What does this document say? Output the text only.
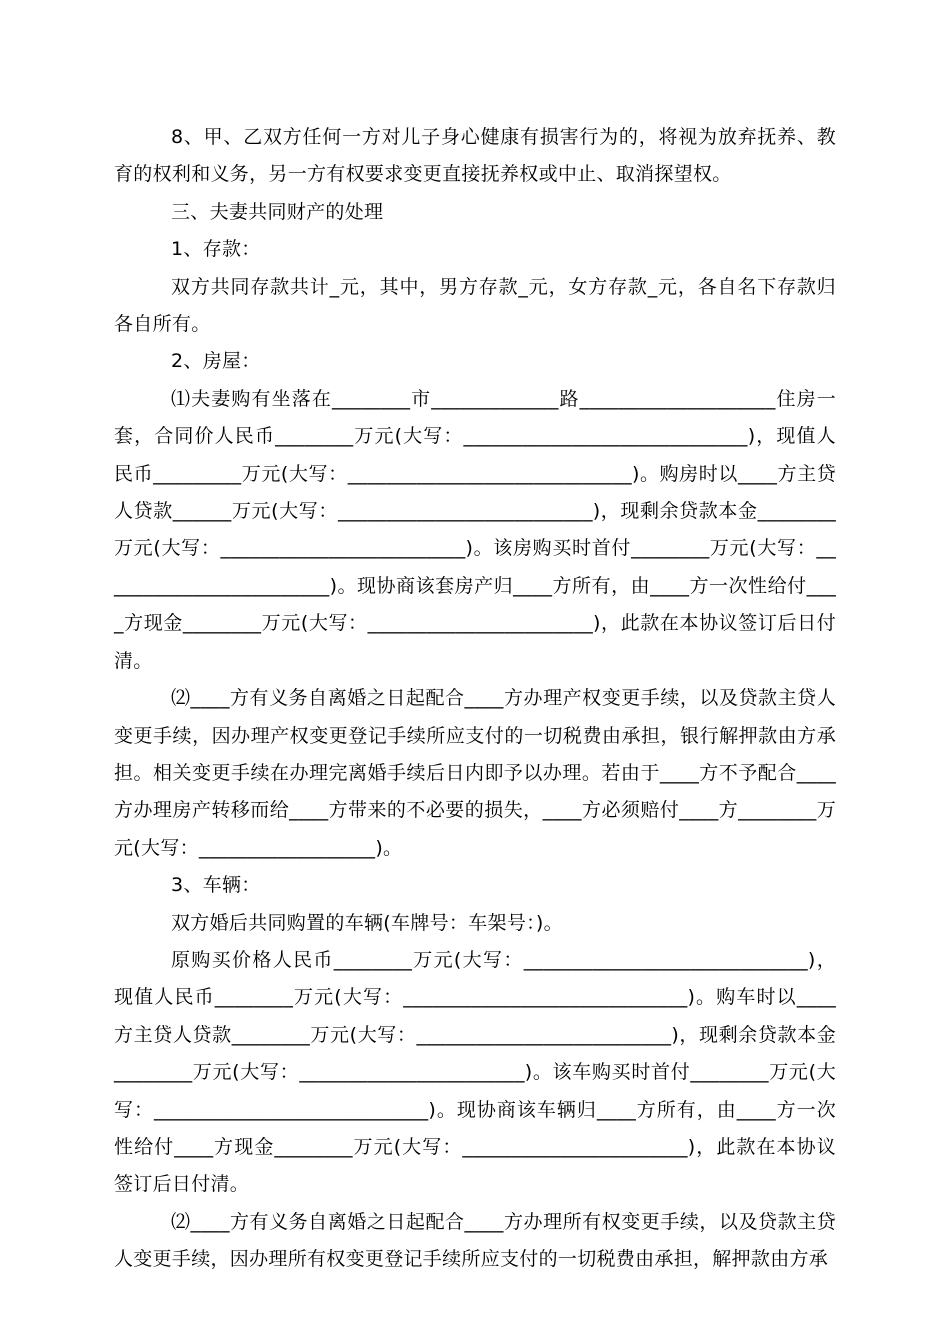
8、甲、乙双方任何一方对儿子身心健康有损害行为的，将视为放弃抚养、教育的权利和义务，另一方有权要求变更直接抚养权或中止、取消探望权。

三、夫妻共同财产的处理

1、存款：

双方共同存款共计_元，其中，男方存款_元，女方存款_元，各自名下存款归各自所有。

2、房屋：

⑴夫妻购有坐落在________市_____________路____________________住房一套，合同价人民币________万元(大写：_____________________________)，现值人民币_________万元(大写：_____________________________)。购房时以____方主贷人贷款______万元(大写：__________________________)，现剩余贷款本金________万元(大写：_________________________)。该房购买时首付________万元(大写：________________________)。现协商该套房产归____方所有，由____方一次性给付____方现金________万元(大写：_______________________)，此款在本协议签订后日付清。

⑵____方有义务自离婚之日起配合____方办理产权变更手续，以及贷款主贷人变更手续，因办理产权变更登记手续所应支付的一切税费由承担，银行解押款由方承担。相关变更手续在办理完离婚手续后日内即予以办理。若由于____方不予配合____方办理房产转移而给____方带来的不必要的损失，____方必须赔付____方________万元(大写：__________________)。

3、车辆：

双方婚后共同购置的车辆(车牌号：车架号：)。

原购买价格人民币________万元(大写：_____________________________)，现值人民币________万元(大写：_____________________________)。购车时以____方主贷人贷款________万元(大写：__________________________)，现剩余贷款本金________万元(大写：_______________________)。该车购买时首付________万元(大写：____________________________)。现协商该车辆归____方所有，由____方一次性给付____方现金________万元(大写：_______________________)，此款在本协议签订后日付清。

⑵____方有义务自离婚之日起配合____方办理所有权变更手续，以及贷款主贷人变更手续，因办理所有权变更登记手续所应支付的一切税费由承担，解押款由方承
